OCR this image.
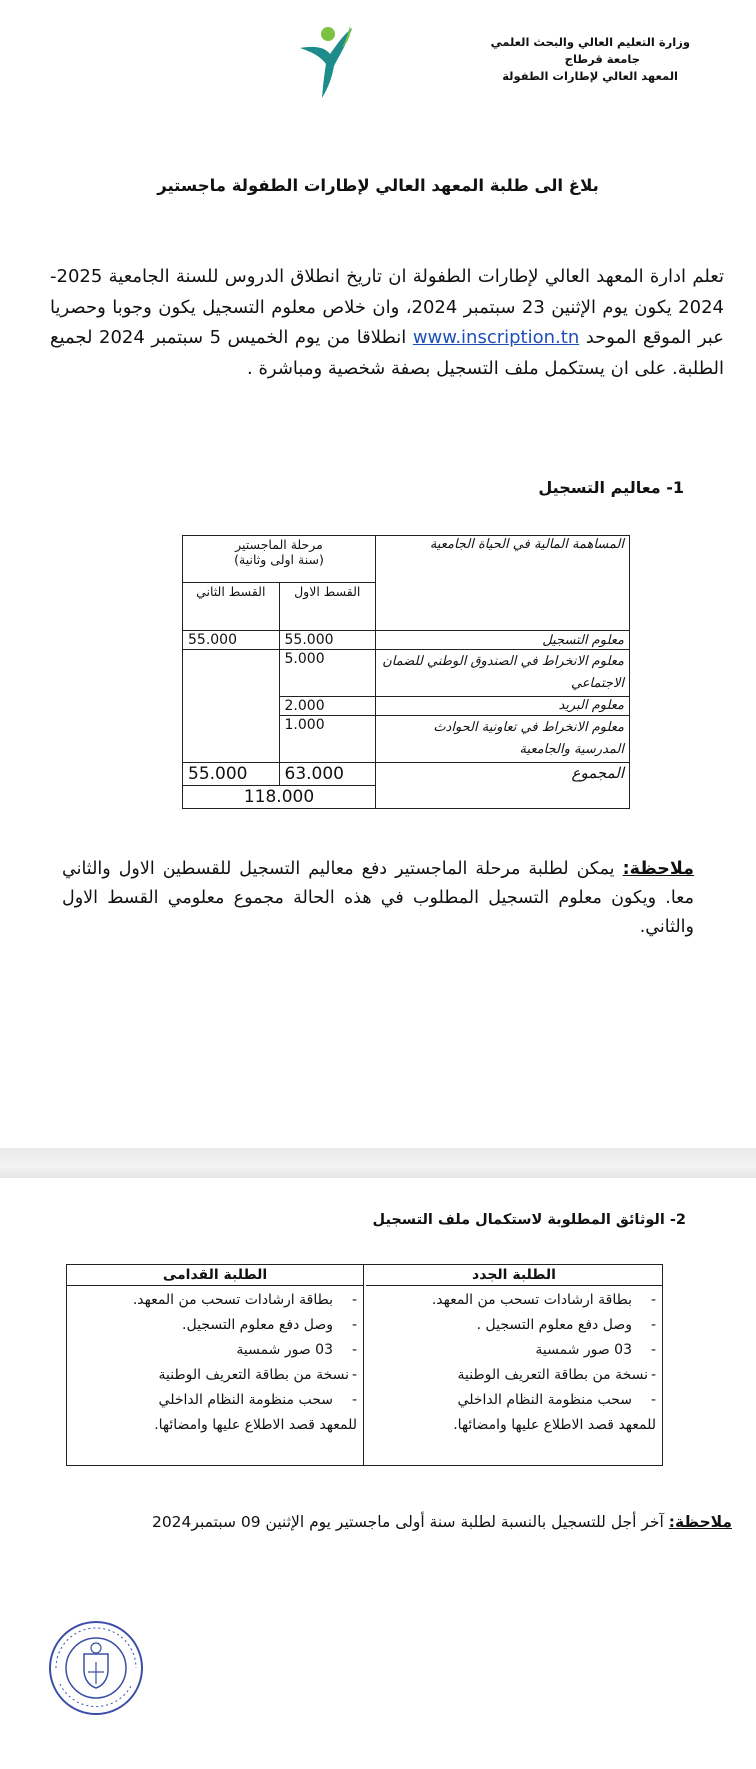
وزارة التعليم العالي والبحث العلمي
جامعة قرطاج
المعهد العالي لإطارات الطفولة
بلاغ الى طلبة المعهد العالي لإطارات الطفولة ماجستير
تعلم ادارة المعهد العالي لإطارات الطفولة ان تاريخ انطلاق الدروس للسنة الجامعية 2025-2024 يكون يوم الإثنين 23 سبتمبر 2024، وان خلاص معلوم التسجيل يكون وجوبا وحصريا عبر الموقع الموحد www.inscription.tn انطلاقا من يوم الخميس 5 سبتمبر 2024 لجميع الطلبة. على ان يستكمل ملف التسجيل بصفة شخصية ومباشرة .
1- معاليم التسجيل
المساهمة المالية في الحياة الجامعية	مرحلة الماجستير
(سنة اولى وثانية)	

	القسط الاول	القسط الثاني
معلوم التسجيل	55.000	55.000
معلوم الانخراط في الصندوق الوطني للضمان الاجتماعي	5.000	
معلوم البريد	2.000	
معلوم الانخراط في تعاونية الحوادث المدرسية والجامعية	1.000	
المجموع	63.000	55.000
	118.000	
ملاحظة: يمكن لطلبة مرحلة الماجستير دفع معاليم التسجيل للقسطين الاول والثاني معا. ويكون معلوم التسجيل المطلوب في هذه الحالة مجموع معلومي القسط الاول والثاني.
2- الوثائق المطلوبة لاستكمال ملف التسجيل
الطلبة الجدد
-بطاقة ارشادات تسحب من المعهد.
-وصل دفع معلوم التسجيل .
-03 صور شمسية
-نسخة من بطاقة التعريف الوطنية
-سحب منظومة النظام الداخلي
للمعهد قصد الاطلاع عليها وامضائها.
الطلبة القدامى
-بطاقة ارشادات تسحب من المعهد.
-وصل دفع معلوم التسجيل.
-03 صور شمسية
-نسخة من بطاقة التعريف الوطنية
-سحب منظومة النظام الداخلي
للمعهد قصد الاطلاع عليها وامضائها.
ملاحظة: آخر أجل للتسجيل بالنسبة لطلبة سنة أولى ماجستير يوم الإثنين 09 سبتمبر2024
